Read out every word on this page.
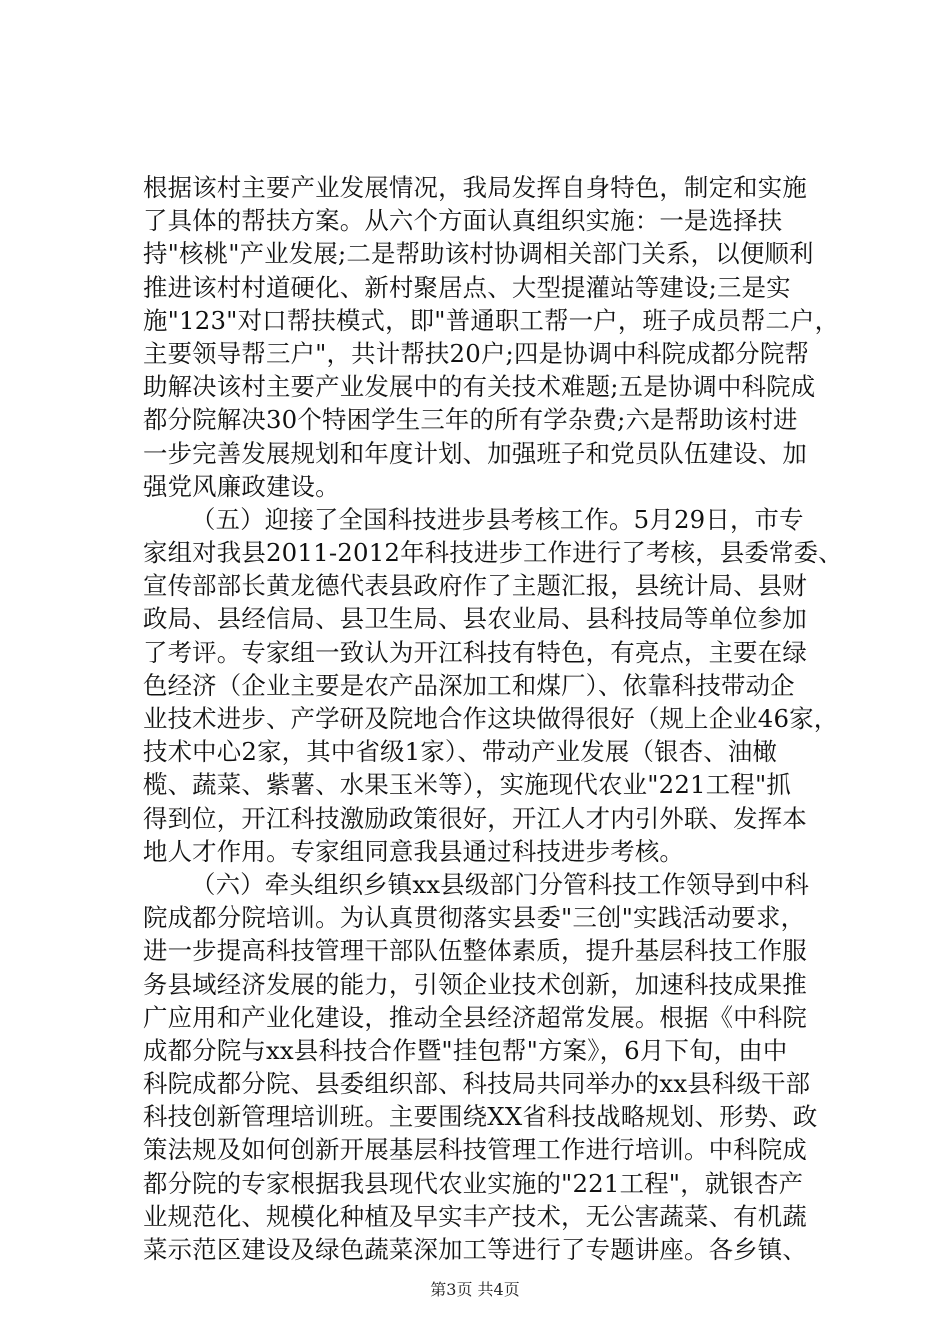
根据该村主要产业发展情况，我局发挥自身特色，制定和实施
了具体的帮扶方案。从六个方面认真组织实施：一是选择扶
持"核桃"产业发展;二是帮助该村协调相关部门关系，以便顺利
推进该村村道硬化、新村聚居点、大型提灌站等建设;三是实
施"123"对口帮扶模式，即"普通职工帮一户，班子成员帮二户，
主要领导帮三户"，共计帮扶20户;四是协调中科院成都分院帮
助解决该村主要产业发展中的有关技术难题;五是协调中科院成
都分院解决30个特困学生三年的所有学杂费;六是帮助该村进
一步完善发展规划和年度计划、加强班子和党员队伍建设、加
强党风廉政建设。
（五）迎接了全国科技进步县考核工作。5月29日，市专
家组对我县2011-2012年科技进步工作进行了考核，县委常委、
宣传部部长黄龙德代表县政府作了主题汇报，县统计局、县财
政局、县经信局、县卫生局、县农业局、县科技局等单位参加
了考评。专家组一致认为开江科技有特色，有亮点，主要在绿
色经济（企业主要是农产品深加工和煤厂）、依靠科技带动企
业技术进步、产学研及院地合作这块做得很好（规上企业46家，
技术中心2家，其中省级1家）、带动产业发展（银杏、油橄
榄、蔬菜、紫薯、水果玉米等），实施现代农业"221工程"抓
得到位，开江科技激励政策很好，开江人才内引外联、发挥本
地人才作用。专家组同意我县通过科技进步考核。
（六）牵头组织乡镇xx县级部门分管科技工作领导到中科
院成都分院培训。为认真贯彻落实县委"三创"实践活动要求，
进一步提高科技管理干部队伍整体素质，提升基层科技工作服
务县域经济发展的能力，引领企业技术创新，加速科技成果推
广应用和产业化建设，推动全县经济超常发展。根据《中科院
成都分院与xx县科技合作暨"挂包帮"方案》，6月下旬，由中
科院成都分院、县委组织部、科技局共同举办的xx县科级干部
科技创新管理培训班。主要围绕XX省科技战略规划、形势、政
策法规及如何创新开展基层科技管理工作进行培训。中科院成
都分院的专家根据我县现代农业实施的"221工程"，就银杏产
业规范化、规模化种植及早实丰产技术，无公害蔬菜、有机蔬
菜示范区建设及绿色蔬菜深加工等进行了专题讲座。各乡镇、
第3页 共4页
